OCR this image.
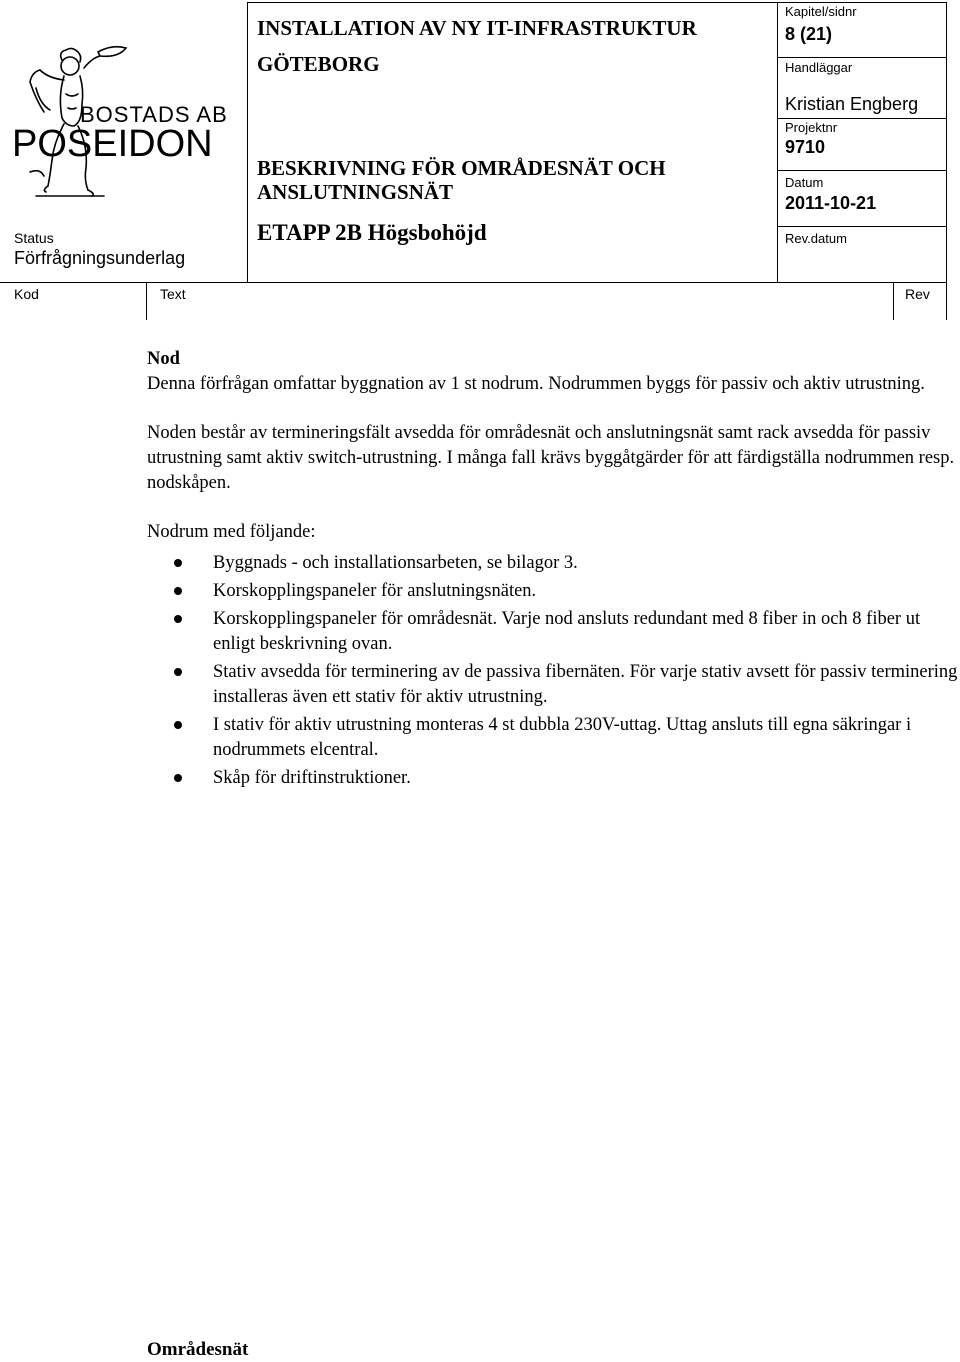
BOSTADS AB
POSEIDON
Status
Förfrågningsunderlag
INSTALLATION AV NY IT-INFRASTRUKTUR
GÖTEBORG
BESKRIVNING FÖR OMRÅDESNÄT OCH ANSLUTNINGSNÄT
ETAPP 2B Högsbohöjd
Kapitel/sidnr
8 (21)
Handläggar
Kristian Engberg
Projektnr
9710
Datum
2011-10-21
Rev.datum
Kod	Text	Rev

Nod

Denna förfrågan omfattar byggnation av 1 st nodrum. Nodrummen byggs för passiv och aktiv utrustning.

Noden består av termineringsfält avsedda för områdesnät och anslutningsnät samt rack avsedda för passiv utrustning samt aktiv switch-utrustning. I många fall krävs byggåtgärder för att färdigställa nodrummen resp. nodskåpen.

Nodrum med följande:

Byggnads - och installationsarbeten, se bilagor 3.
Korskopplingspaneler för anslutningsnäten.
Korskopplingspaneler för områdesnät. Varje nod ansluts redundant med 8 fiber in och 8 fiber ut enligt beskrivning ovan.
Stativ avsedda för terminering av de passiva fibernäten. För varje stativ avsett för passiv terminering installeras även ett stativ för aktiv utrustning.
I stativ för aktiv utrustning monteras 4 st dubbla 230V-uttag. Uttag ansluts till egna säkringar i nodrummets elcentral.
Skåp för driftinstruktioner.
Områdesnät
